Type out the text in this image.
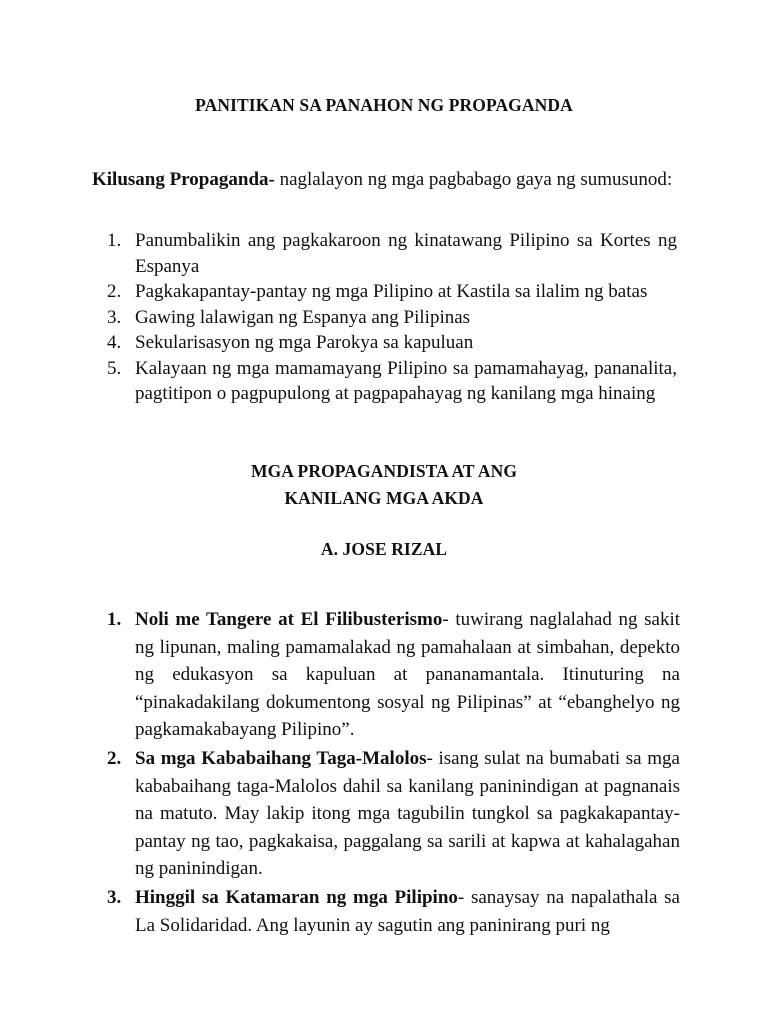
PANITIKAN SA PANAHON NG PROPAGANDA
Kilusang Propaganda- naglalayon ng mga pagbabago gaya ng sumusunod:
1. Panumbalikin ang pagkakaroon ng kinatawang Pilipino sa Kortes ng Espanya
2. Pagkakapantay-pantay ng mga Pilipino at Kastila sa ilalim ng batas
3. Gawing lalawigan ng Espanya ang Pilipinas
4. Sekularisasyon ng mga Parokya sa kapuluan
5. Kalayaan ng mga mamamayang Pilipino sa pamamahayag, pananalita, pagtitipon o pagpupulong at pagpapahayag ng kanilang mga hinaing
MGA PROPAGANDISTA AT ANG KANILANG MGA AKDA
A. JOSE RIZAL
1. Noli me Tangere at El Filibusterismo- tuwirang naglalahad ng sakit ng lipunan, maling pamamalakad ng pamahalaan at simbahan, depekto ng edukasyon sa kapuluan at pananamantala. Itinuturing na “pinakadakilang dokumentong sosyal ng Pilipinas” at “ebanghelyo ng pagkamakabayang Pilipino”.
2. Sa mga Kababaihang Taga-Malolos- isang sulat na bumabati sa mga kababaihang taga-Malolos dahil sa kanilang paninindigan at pagnanais na matuto. May lakip itong mga tagubilin tungkol sa pagkakapantay-pantay ng tao, pagkakaisa, paggalang sa sarili at kapwa at kahalagahan ng paninindigan.
3. Hinggil sa Katamaran ng mga Pilipino- sanaysay na napalathala sa La Solidaridad. Ang layunin ay sagutin ang paninirang puri ng
